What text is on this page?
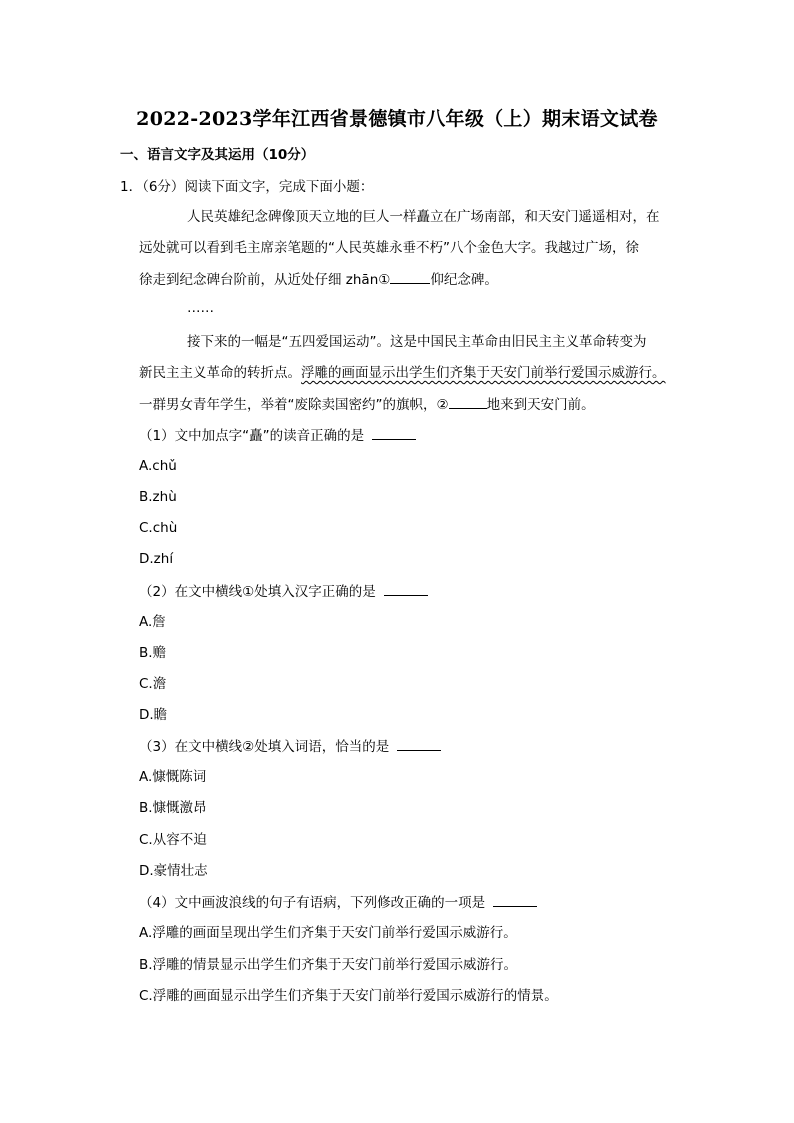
2022-2023学年江西省景德镇市八年级（上）期末语文试卷
一、语言文字及其运用（10分）
1．（6分）阅读下面文字，完成下面小题：
人民英雄纪念碑像顶天立地的巨人一样矗立在广场南部，和天安门遥遥相对，在
远处就可以看到毛主席亲笔题的“人民英雄永垂不朽”八个金色大字。我越过广场，徐
徐走到纪念碑台阶前，从近处仔细 zhān①	仰纪念碑。
……
接下来的一幅是“五四爱国运动”。这是中国民主革命由旧民主主义革命转变为
新民主主义革命的转折点。浮雕的画面显示出学生们齐集于天安门前举行爱国示威游行。
一群男女青年学生，举着“废除卖国密约”的旗帜，②	地来到天安门前。
（1）文中加点字“矗”的读音正确的是
A.chǔ
B.zhù
C.chù
D.zhí
（2）在文中横线①处填入汉字正确的是
A.詹
B.赡
C.澹
D.瞻
（3）在文中横线②处填入词语，恰当的是
A.慷慨陈词
B.慷慨激昂
C.从容不迫
D.豪情壮志
（4）文中画波浪线的句子有语病，下列修改正确的一项是
A.浮雕的画面呈现出学生们齐集于天安门前举行爱国示威游行。
B.浮雕的情景显示出学生们齐集于天安门前举行爱国示威游行。
C.浮雕的画面显示出学生们齐集于天安门前举行爱国示威游行的情景。
